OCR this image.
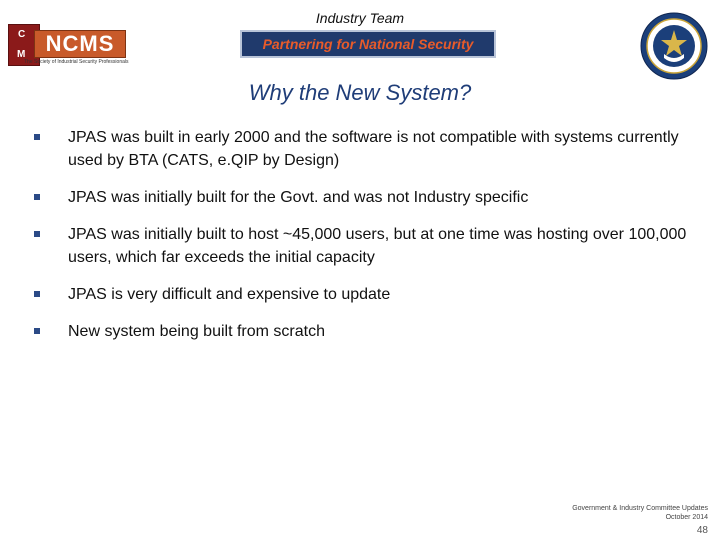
Industry Team
C
M NCMS
The Society of Industrial Security Professionals
Partnering for National Security
Why the New System?
JPAS was built in early 2000 and the software is not compatible with systems currently used by BTA (CATS, e.QIP by Design)
JPAS was initially built for the Govt. and was not Industry specific
JPAS was initially built to host ~45,000 users, but at one time was hosting over 100,000 users, which far exceeds the initial capacity
JPAS is very difficult and expensive to update
New system being built from scratch
Government & Industry Committee Updates
October 2014
48
